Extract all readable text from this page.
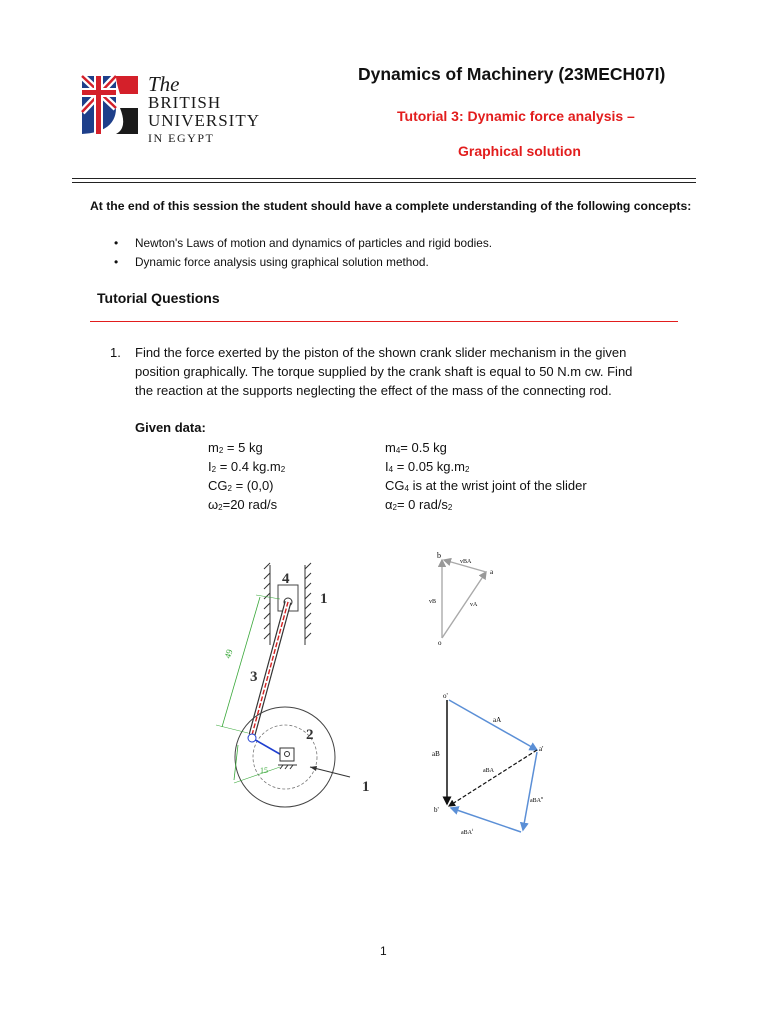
The
BRITISH
UNIVERSITY
IN EGYPT
Dynamics of Machinery (23MECH07I)
Tutorial 3: Dynamic force analysis –
Graphical solution
At the end of this session the student should have a complete understanding of the following concepts:
• Newton's Laws of motion and dynamics of particles and rigid bodies.
• Dynamic force analysis using graphical solution method.
Tutorial Questions
1. Find the force exerted by the piston of the shown crank slider mechanism in the given
position graphically. The torque supplied by the crank shaft is equal to 50 N.m cw. Find
the reaction at the supports neglecting the effect of the mass of the connecting rod.
Given data:
$m_2 = 5$ kg
$I_2 = 0.4$ $kg.m_2$
$CG_2 = (0,0)$
$\omega_2=20$ rad/s
$m_4= 0.5$ kg
$I_4 = 0.05$ $kg.m_2$
$CG_4$ is at the wrist joint of the slider
$\alpha_2= 0$ rad/$s_2$
49
15
4
1
3
2
1
b
a
o
vBA
vB	vA
o'
a'
b'
aA
aB
aBA
aBA$^n$
aBA$^t$
1
